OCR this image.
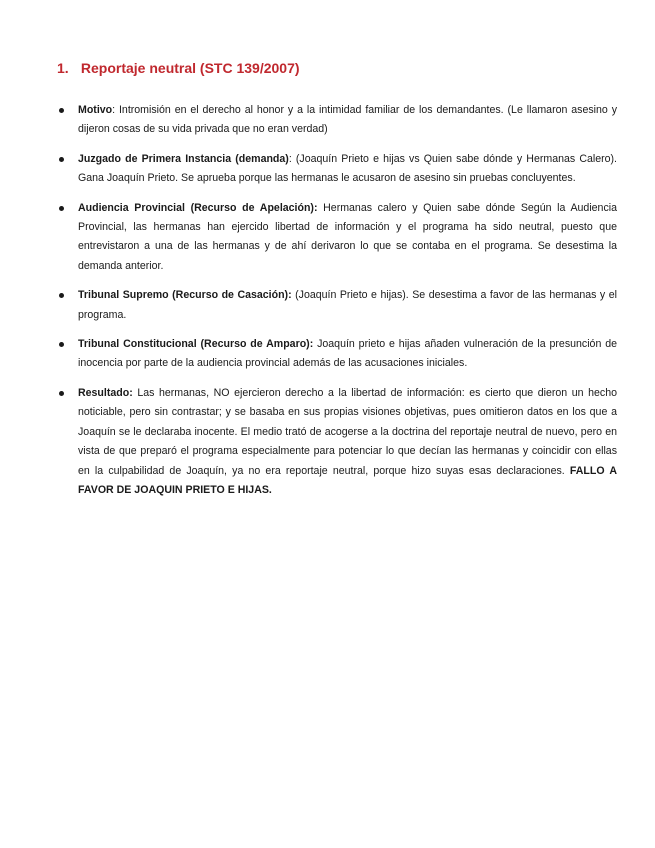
1. Reportaje neutral (STC 139/2007)
Motivo: Intromisión en el derecho al honor y a la intimidad familiar de los demandantes. (Le llamaron asesino y dijeron cosas de su vida privada que no eran verdad)
Juzgado de Primera Instancia (demanda): (Joaquín Prieto e hijas vs Quien sabe dónde y Hermanas Calero). Gana Joaquín Prieto. Se aprueba porque las hermanas le acusaron de asesino sin pruebas concluyentes.
Audiencia Provincial (Recurso de Apelación): Hermanas calero y Quien sabe dónde Según la Audiencia Provincial, las hermanas han ejercido libertad de información y el programa ha sido neutral, puesto que entrevistaron a una de las hermanas y de ahí derivaron lo que se contaba en el programa. Se desestima la demanda anterior.
Tribunal Supremo (Recurso de Casación): (Joaquín Prieto e hijas). Se desestima a favor de las hermanas y el programa.
Tribunal Constitucional (Recurso de Amparo): Joaquín prieto e hijas añaden vulneración de la presunción de inocencia por parte de la audiencia provincial además de las acusaciones iniciales.
Resultado: Las hermanas, NO ejercieron derecho a la libertad de información: es cierto que dieron un hecho noticiable, pero sin contrastar; y se basaba en sus propias visiones objetivas, pues omitieron datos en los que a Joaquín se le declaraba inocente. El medio trató de acogerse a la doctrina del reportaje neutral de nuevo, pero en vista de que preparó el programa especialmente para potenciar lo que decían las hermanas y coincidir con ellas en la culpabilidad de Joaquín, ya no era reportaje neutral, porque hizo suyas esas declaraciones. FALLO A FAVOR DE JOAQUIN PRIETO E HIJAS.
